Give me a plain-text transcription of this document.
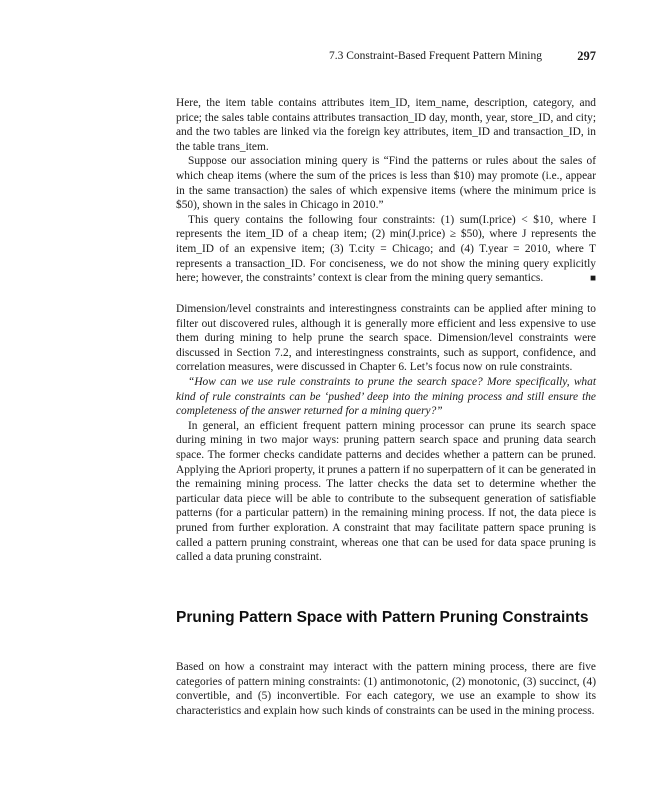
7.3 Constraint-Based Frequent Pattern Mining	297

Here, the item table contains attributes item_ID, item_name, description, category, and price; the sales table contains attributes transaction_ID day, month, year, store_ID, and city; and the two tables are linked via the foreign key attributes, item_ID and transaction_ID, in the table trans_item.

Suppose our association mining query is “Find the patterns or rules about the sales of which cheap items (where the sum of the prices is less than $10) may promote (i.e., appear in the same transaction) the sales of which expensive items (where the minimum price is $50), shown in the sales in Chicago in 2010.”

This query contains the following four constraints: (1) sum(I.price) < $10, where I represents the item_ID of a cheap item; (2) min(J.price) ≥ $50), where J represents the item_ID of an expensive item; (3) T.city = Chicago; and (4) T.year = 2010, where T represents a transaction_ID. For conciseness, we do not show the mining query explicitly here; however, the constraints’ context is clear from the mining query semantics.	■

Dimension/level constraints and interestingness constraints can be applied after mining to filter out discovered rules, although it is generally more efficient and less expensive to use them during mining to help prune the search space. Dimension/level constraints were discussed in Section 7.2, and interestingness constraints, such as support, confidence, and correlation measures, were discussed in Chapter 6. Let’s focus now on rule constraints.

“How can we use rule constraints to prune the search space? More specifically, what kind of rule constraints can be ‘pushed’ deep into the mining process and still ensure the completeness of the answer returned for a mining query?”

In general, an efficient frequent pattern mining processor can prune its search space during mining in two major ways: pruning pattern search space and pruning data search space. The former checks candidate patterns and decides whether a pattern can be pruned. Applying the Apriori property, it prunes a pattern if no superpattern of it can be generated in the remaining mining process. The latter checks the data set to determine whether the particular data piece will be able to contribute to the subsequent generation of satisfiable patterns (for a particular pattern) in the remaining mining process. If not, the data piece is pruned from further exploration. A constraint that may facilitate pattern space pruning is called a pattern pruning constraint, whereas one that can be used for data space pruning is called a data pruning constraint.

Pruning Pattern Space with Pattern Pruning Constraints

Based on how a constraint may interact with the pattern mining process, there are five categories of pattern mining constraints: (1) antimonotonic, (2) monotonic, (3) succinct, (4) convertible, and (5) inconvertible. For each category, we use an example to show its characteristics and explain how such kinds of constraints can be used in the mining process.
